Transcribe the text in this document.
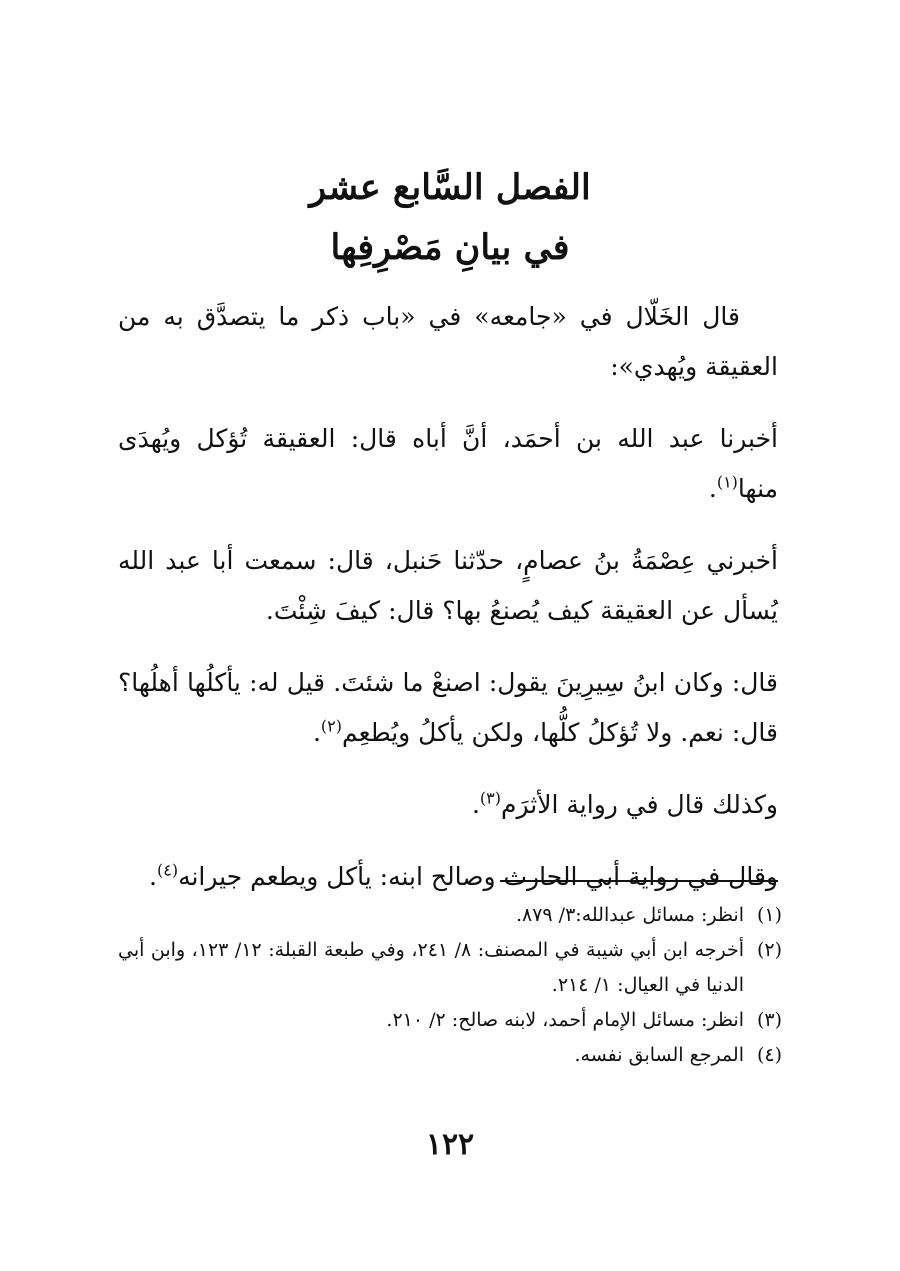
الفصل السَّابع عشر
في بيانِ مَصْرِفِها

قال الخَلّال في «جامعه» في «باب ذكر ما يتصدَّق به من العقيقة ويُهدي»:

أخبرنا عبد الله بن أحمَد، أنَّ أباه قال: العقيقة تُؤكل ويُهدَى منها$^{(١)}$.

أخبرني عِصْمَةُ بنُ عصامٍ، حدّثنا حَنبل، قال: سمعت أبا عبد الله يُسأل عن العقيقة كيف يُصنعُ بها؟ قال: كيفَ شِئْتَ.

قال: وكان ابنُ سِيرِينَ يقول: اصنعْ ما شئتَ. قيل له: يأكلُها أهلُها؟ قال: نعم. ولا تُؤكلُ كلُّها، ولكن يأكلُ ويُطعِم$^{(٢)}$.

وكذلك قال في رواية الأثرَم$^{(٣)}$.

وقال في رواية أبي الحارث وصالح ابنه: يأكل ويطعم جيرانه$^{(٤)}$.

(١)
انظر: مسائل عبدالله:٣/ ٨٧٩.
(٢)
أخرجه ابن أبي شيبة في المصنف: ٨/ ٢٤١، وفي طبعة القبلة: ١٢/ ١٢٣، وابن أبي الدنيا في العيال: ١/ ٢١٤.
(٣)
انظر: مسائل الإمام أحمد، لابنه صالح: ٢/ ٢١٠.
(٤)
المرجع السابق نفسه.
١٢٢
